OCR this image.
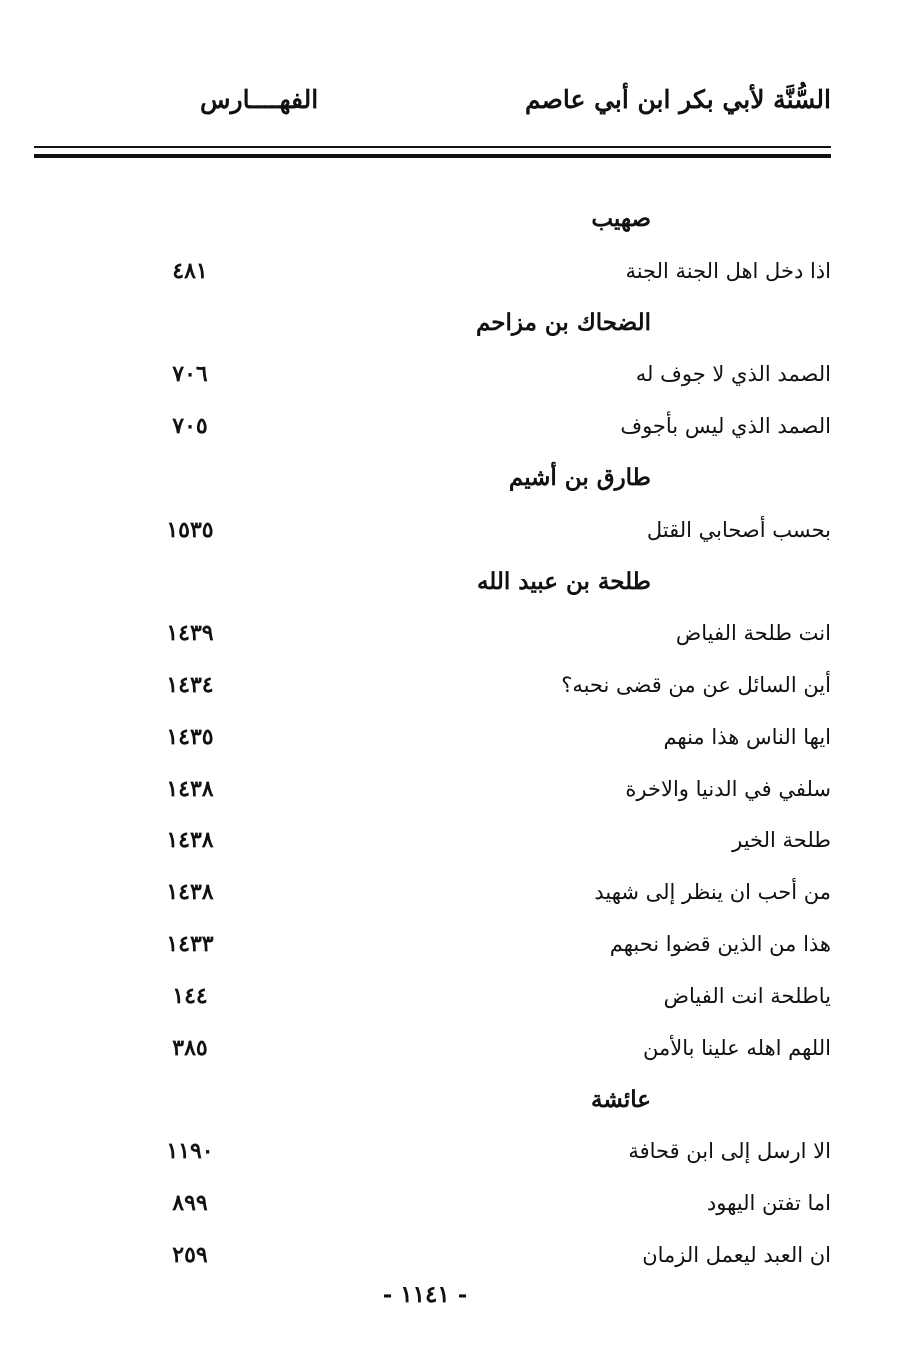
السُّنَّة لأبي بكر ابن أبي عاصم
الفهــــارس
صهيب
اذا دخل اهل الجنة الجنة
٤٨١
الضحاك بن مزاحم
الصمد الذي لا جوف له
٧٠٦
الصمد الذي ليس بأجوف
٧٠٥
طارق بن أشيم
بحسب أصحابي القتل
١٥٣٥
طلحة بن عبيد الله
انت طلحة الفياض
١٤٣٩
أين السائل عن من قضى نحبه؟
١٤٣٤
ايها الناس هذا منهم
١٤٣٥
سلفي في الدنيا والاخرة
١٤٣٨
طلحة الخير
١٤٣٨
من أحب ان ينظر إلى شهيد
١٤٣٨
هذا من الذين قضوا نحبهم
١٤٣٣
ياطلحة انت الفياض
١٤٤
اللهم اهله علينا بالأمن
٣٨٥
عائشة
الا ارسل إلى ابن قحافة
١١٩٠
اما تفتن اليهود
٨٩٩
ان العبد ليعمل الزمان
٢٥٩
- ١١٤١ -
